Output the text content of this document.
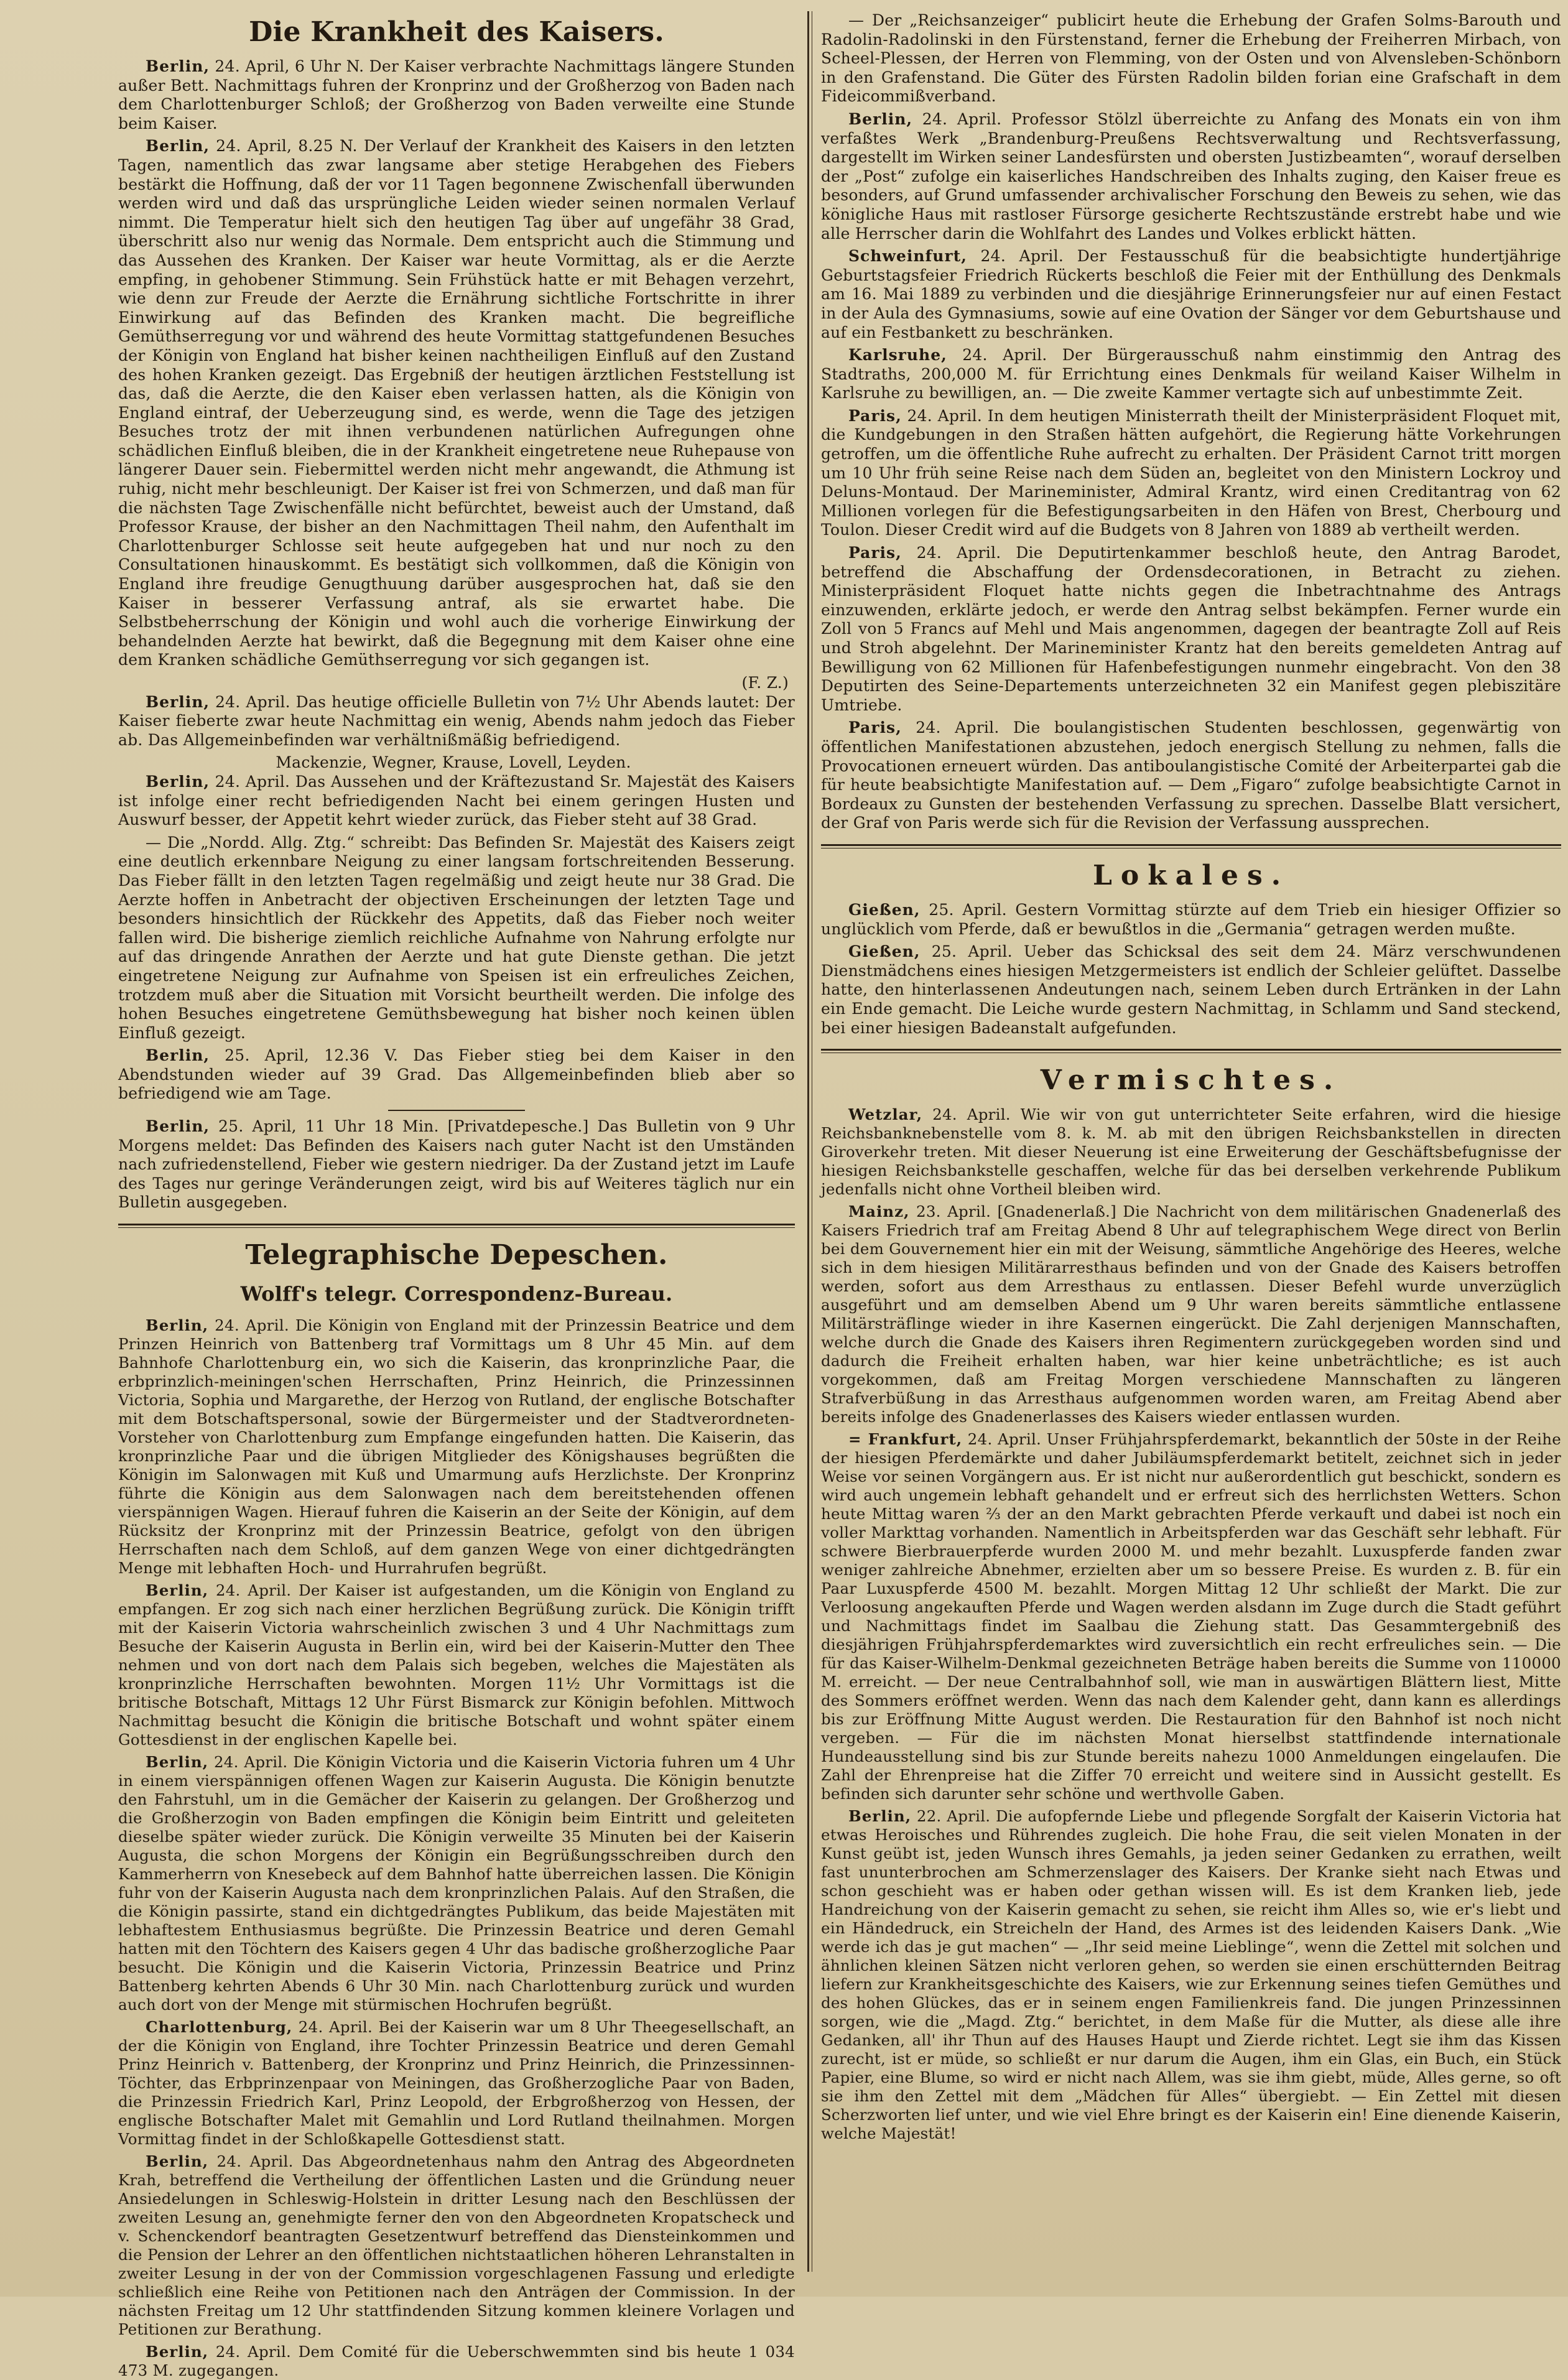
Die Krankheit des Kaisers.

Berlin, 24. April, 6 Uhr N. Der Kaiser verbrachte Nachmittags längere Stunden außer Bett. Nachmittags fuhren der Kronprinz und der Großherzog von Baden nach dem Charlottenburger Schloß; der Großherzog von Baden verweilte eine Stunde beim Kaiser.

Berlin, 24. April, 8.25 N. Der Verlauf der Krankheit des Kaisers in den letzten Tagen, namentlich das zwar langsame aber stetige Herabgehen des Fiebers bestärkt die Hoffnung, daß der vor 11 Tagen begonnene Zwischenfall überwunden werden wird und daß das ursprüngliche Leiden wieder seinen normalen Verlauf nimmt. Die Temperatur hielt sich den heutigen Tag über auf ungefähr 38 Grad, überschritt also nur wenig das Normale. Dem entspricht auch die Stimmung und das Aussehen des Kranken. Der Kaiser war heute Vormittag, als er die Aerzte empfing, in gehobener Stimmung. Sein Frühstück hatte er mit Behagen verzehrt, wie denn zur Freude der Aerzte die Ernährung sichtliche Fortschritte in ihrer Einwirkung auf das Befinden des Kranken macht. Die begreifliche Gemüthserregung vor und während des heute Vormittag stattgefundenen Besuches der Königin von England hat bisher keinen nachtheiligen Einfluß auf den Zustand des hohen Kranken gezeigt. Das Ergebniß der heutigen ärztlichen Feststellung ist das, daß die Aerzte, die den Kaiser eben verlassen hatten, als die Königin von England eintraf, der Ueberzeugung sind, es werde, wenn die Tage des jetzigen Besuches trotz der mit ihnen verbundenen natürlichen Aufregungen ohne schädlichen Einfluß bleiben, die in der Krankheit eingetretene neue Ruhepause von längerer Dauer sein. Fiebermittel werden nicht mehr angewandt, die Athmung ist ruhig, nicht mehr beschleunigt. Der Kaiser ist frei von Schmerzen, und daß man für die nächsten Tage Zwischenfälle nicht befürchtet, beweist auch der Umstand, daß Professor Krause, der bisher an den Nachmittagen Theil nahm, den Aufenthalt im Charlottenburger Schlosse seit heute aufgegeben hat und nur noch zu den Consultationen hinauskommt. Es bestätigt sich vollkommen, daß die Königin von England ihre freudige Genugthuung darüber ausgesprochen hat, daß sie den Kaiser in besserer Verfassung antraf, als sie erwartet habe. Die Selbstbeherrschung der Königin und wohl auch die vorherige Einwirkung der behandelnden Aerzte hat bewirkt, daß die Begegnung mit dem Kaiser ohne eine dem Kranken schädliche Gemüthserregung vor sich gegangen ist.

(F. Z.)

Berlin, 24. April. Das heutige officielle Bulletin von 7½ Uhr Abends lautet: Der Kaiser fieberte zwar heute Nachmittag ein wenig, Abends nahm jedoch das Fieber ab. Das Allgemeinbefinden war verhältnißmäßig befriedigend.

Mackenzie, Wegner, Krause, Lovell, Leyden.

Berlin, 24. April. Das Aussehen und der Kräftezustand Sr. Majestät des Kaisers ist infolge einer recht befriedigenden Nacht bei einem geringen Husten und Auswurf besser, der Appetit kehrt wieder zurück, das Fieber steht auf 38 Grad.

— Die „Nordd. Allg. Ztg.“ schreibt: Das Befinden Sr. Majestät des Kaisers zeigt eine deutlich erkennbare Neigung zu einer langsam fortschreitenden Besserung. Das Fieber fällt in den letzten Tagen regelmäßig und zeigt heute nur 38 Grad. Die Aerzte hoffen in Anbetracht der objectiven Erscheinungen der letzten Tage und besonders hinsichtlich der Rückkehr des Appetits, daß das Fieber noch weiter fallen wird. Die bisherige ziemlich reichliche Aufnahme von Nahrung erfolgte nur auf das dringende Anrathen der Aerzte und hat gute Dienste gethan. Die jetzt eingetretene Neigung zur Aufnahme von Speisen ist ein erfreuliches Zeichen, trotzdem muß aber die Situation mit Vorsicht beurtheilt werden. Die infolge des hohen Besuches eingetretene Gemüthsbewegung hat bisher noch keinen üblen Einfluß gezeigt.

Berlin, 25. April, 12.36 V. Das Fieber stieg bei dem Kaiser in den Abendstunden wieder auf 39 Grad. Das Allgemeinbefinden blieb aber so befriedigend wie am Tage.

Berlin, 25. April, 11 Uhr 18 Min. [Privatdepesche.] Das Bulletin von 9 Uhr Morgens meldet: Das Befinden des Kaisers nach guter Nacht ist den Umständen nach zufriedenstellend, Fieber wie gestern niedriger. Da der Zustand jetzt im Laufe des Tages nur geringe Veränderungen zeigt, wird bis auf Weiteres täglich nur ein Bulletin ausgegeben.

Telegraphische Depeschen.
Wolff's telegr. Correspondenz-Bureau.

Berlin, 24. April. Die Königin von England mit der Prinzessin Beatrice und dem Prinzen Heinrich von Battenberg traf Vormittags um 8 Uhr 45 Min. auf dem Bahnhofe Charlottenburg ein, wo sich die Kaiserin, das kronprinzliche Paar, die erbprinzlich-meiningen'schen Herrschaften, Prinz Heinrich, die Prinzessinnen Victoria, Sophia und Margarethe, der Herzog von Rutland, der englische Botschafter mit dem Botschaftspersonal, sowie der Bürgermeister und der Stadtverordneten-Vorsteher von Charlottenburg zum Empfange eingefunden hatten. Die Kaiserin, das kronprinzliche Paar und die übrigen Mitglieder des Königshauses begrüßten die Königin im Salonwagen mit Kuß und Umarmung aufs Herzlichste. Der Kronprinz führte die Königin aus dem Salonwagen nach dem bereitstehenden offenen vierspännigen Wagen. Hierauf fuhren die Kaiserin an der Seite der Königin, auf dem Rücksitz der Kronprinz mit der Prinzessin Beatrice, gefolgt von den übrigen Herrschaften nach dem Schloß, auf dem ganzen Wege von einer dichtgedrängten Menge mit lebhaften Hoch- und Hurrahrufen begrüßt.

Berlin, 24. April. Der Kaiser ist aufgestanden, um die Königin von England zu empfangen. Er zog sich nach einer herzlichen Begrüßung zurück. Die Königin trifft mit der Kaiserin Victoria wahrscheinlich zwischen 3 und 4 Uhr Nachmittags zum Besuche der Kaiserin Augusta in Berlin ein, wird bei der Kaiserin-Mutter den Thee nehmen und von dort nach dem Palais sich begeben, welches die Majestäten als kronprinzliche Herrschaften bewohnten. Morgen 11½ Uhr Vormittags ist die britische Botschaft, Mittags 12 Uhr Fürst Bismarck zur Königin befohlen. Mittwoch Nachmittag besucht die Königin die britische Botschaft und wohnt später einem Gottesdienst in der englischen Kapelle bei.

Berlin, 24. April. Die Königin Victoria und die Kaiserin Victoria fuhren um 4 Uhr in einem vierspännigen offenen Wagen zur Kaiserin Augusta. Die Königin benutzte den Fahrstuhl, um in die Gemächer der Kaiserin zu gelangen. Der Großherzog und die Großherzogin von Baden empfingen die Königin beim Eintritt und geleiteten dieselbe später wieder zurück. Die Königin verweilte 35 Minuten bei der Kaiserin Augusta, die schon Morgens der Königin ein Begrüßungsschreiben durch den Kammerherrn von Knesebeck auf dem Bahnhof hatte überreichen lassen. Die Königin fuhr von der Kaiserin Augusta nach dem kronprinzlichen Palais. Auf den Straßen, die die Königin passirte, stand ein dichtgedrängtes Publikum, das beide Majestäten mit lebhaftestem Enthusiasmus begrüßte. Die Prinzessin Beatrice und deren Gemahl hatten mit den Töchtern des Kaisers gegen 4 Uhr das badische großherzogliche Paar besucht. Die Königin und die Kaiserin Victoria, Prinzessin Beatrice und Prinz Battenberg kehrten Abends 6 Uhr 30 Min. nach Charlottenburg zurück und wurden auch dort von der Menge mit stürmischen Hochrufen begrüßt.

Charlottenburg, 24. April. Bei der Kaiserin war um 8 Uhr Theegesellschaft, an der die Königin von England, ihre Tochter Prinzessin Beatrice und deren Gemahl Prinz Heinrich v. Battenberg, der Kronprinz und Prinz Heinrich, die Prinzessinnen-Töchter, das Erbprinzenpaar von Meiningen, das Großherzogliche Paar von Baden, die Prinzessin Friedrich Karl, Prinz Leopold, der Erbgroßherzog von Hessen, der englische Botschafter Malet mit Gemahlin und Lord Rutland theilnahmen. Morgen Vormittag findet in der Schloßkapelle Gottesdienst statt.

Berlin, 24. April. Das Abgeordnetenhaus nahm den Antrag des Abgeordneten Krah, betreffend die Vertheilung der öffentlichen Lasten und die Gründung neuer Ansiedelungen in Schleswig-Holstein in dritter Lesung nach den Beschlüssen der zweiten Lesung an, genehmigte ferner den von den Abgeordneten Kropatscheck und v. Schenckendorf beantragten Gesetzentwurf betreffend das Diensteinkommen und die Pension der Lehrer an den öffentlichen nichtstaatlichen höheren Lehranstalten in zweiter Lesung in der von der Commission vorgeschlagenen Fassung und erledigte schließlich eine Reihe von Petitionen nach den Anträgen der Commission. In der nächsten Freitag um 12 Uhr stattfindenden Sitzung kommen kleinere Vorlagen und Petitionen zur Berathung.

Berlin, 24. April. Dem Comité für die Ueberschwemmten sind bis heute 1 034 473 M. zugegangen.

— Der „Reichsanzeiger“ publicirt heute die Erhebung der Grafen Solms-Barouth und Radolin-Radolinski in den Fürstenstand, ferner die Erhebung der Freiherren Mirbach, von Scheel-Plessen, der Herren von Flemming, von der Osten und von Alvensleben-Schönborn in den Grafenstand. Die Güter des Fürsten Radolin bilden forian eine Grafschaft in dem Fideicommißverband.

Berlin, 24. April. Professor Stölzl überreichte zu Anfang des Monats ein von ihm verfaßtes Werk „Brandenburg-Preußens Rechtsverwaltung und Rechtsverfassung, dargestellt im Wirken seiner Landesfürsten und obersten Justizbeamten“, worauf derselben der „Post“ zufolge ein kaiserliches Handschreiben des Inhalts zuging, den Kaiser freue es besonders, auf Grund umfassender archivalischer Forschung den Beweis zu sehen, wie das königliche Haus mit rastloser Fürsorge gesicherte Rechtszustände erstrebt habe und wie alle Herrscher darin die Wohlfahrt des Landes und Volkes erblickt hätten.

Schweinfurt, 24. April. Der Festausschuß für die beabsichtigte hundertjährige Geburtstagsfeier Friedrich Rückerts beschloß die Feier mit der Enthüllung des Denkmals am 16. Mai 1889 zu verbinden und die diesjährige Erinnerungsfeier nur auf einen Festact in der Aula des Gymnasiums, sowie auf eine Ovation der Sänger vor dem Geburtshause und auf ein Festbankett zu beschränken.

Karlsruhe, 24. April. Der Bürgerausschuß nahm einstimmig den Antrag des Stadtraths, 200,000 M. für Errichtung eines Denkmals für weiland Kaiser Wilhelm in Karlsruhe zu bewilligen, an. — Die zweite Kammer vertagte sich auf unbestimmte Zeit.

Paris, 24. April. In dem heutigen Ministerrath theilt der Ministerpräsident Floquet mit, die Kundgebungen in den Straßen hätten aufgehört, die Regierung hätte Vorkehrungen getroffen, um die öffentliche Ruhe aufrecht zu erhalten. Der Präsident Carnot tritt morgen um 10 Uhr früh seine Reise nach dem Süden an, begleitet von den Ministern Lockroy und Deluns-Montaud. Der Marineminister, Admiral Krantz, wird einen Creditantrag von 62 Millionen vorlegen für die Befestigungsarbeiten in den Häfen von Brest, Cherbourg und Toulon. Dieser Credit wird auf die Budgets von 8 Jahren von 1889 ab vertheilt werden.

Paris, 24. April. Die Deputirtenkammer beschloß heute, den Antrag Barodet, betreffend die Abschaffung der Ordensdecorationen, in Betracht zu ziehen. Ministerpräsident Floquet hatte nichts gegen die Inbetrachtnahme des Antrags einzuwenden, erklärte jedoch, er werde den Antrag selbst bekämpfen. Ferner wurde ein Zoll von 5 Francs auf Mehl und Mais angenommen, dagegen der beantragte Zoll auf Reis und Stroh abgelehnt. Der Marineminister Krantz hat den bereits gemeldeten Antrag auf Bewilligung von 62 Millionen für Hafenbefestigungen nunmehr eingebracht. Von den 38 Deputirten des Seine-Departements unterzeichneten 32 ein Manifest gegen plebiszitäre Umtriebe.

Paris, 24. April. Die boulangistischen Studenten beschlossen, gegenwärtig von öffentlichen Manifestationen abzustehen, jedoch energisch Stellung zu nehmen, falls die Provocationen erneuert würden. Das antiboulangistische Comité der Arbeiterpartei gab die für heute beabsichtigte Manifestation auf. — Dem „Figaro“ zufolge beabsichtigte Carnot in Bordeaux zu Gunsten der bestehenden Verfassung zu sprechen. Dasselbe Blatt versichert, der Graf von Paris werde sich für die Revision der Verfassung aussprechen.

Lokales.

Gießen, 25. April. Gestern Vormittag stürzte auf dem Trieb ein hiesiger Offizier so unglücklich vom Pferde, daß er bewußtlos in die „Germania“ getragen werden mußte.

Gießen, 25. April. Ueber das Schicksal des seit dem 24. März verschwundenen Dienstmädchens eines hiesigen Metzgermeisters ist endlich der Schleier gelüftet. Dasselbe hatte, den hinterlassenen Andeutungen nach, seinem Leben durch Ertränken in der Lahn ein Ende gemacht. Die Leiche wurde gestern Nachmittag, in Schlamm und Sand steckend, bei einer hiesigen Badeanstalt aufgefunden.

Vermischtes.

Wetzlar, 24. April. Wie wir von gut unterrichteter Seite erfahren, wird die hiesige Reichsbanknebenstelle vom 8. k. M. ab mit den übrigen Reichsbankstellen in directen Giroverkehr treten. Mit dieser Neuerung ist eine Erweiterung der Geschäftsbefugnisse der hiesigen Reichsbankstelle geschaffen, welche für das bei derselben verkehrende Publikum jedenfalls nicht ohne Vortheil bleiben wird.

Mainz, 23. April. [Gnadenerlaß.] Die Nachricht von dem militärischen Gnadenerlaß des Kaisers Friedrich traf am Freitag Abend 8 Uhr auf telegraphischem Wege direct von Berlin bei dem Gouvernement hier ein mit der Weisung, sämmtliche Angehörige des Heeres, welche sich in dem hiesigen Militärarresthaus befinden und von der Gnade des Kaisers betroffen werden, sofort aus dem Arresthaus zu entlassen. Dieser Befehl wurde unverzüglich ausgeführt und am demselben Abend um 9 Uhr waren bereits sämmtliche entlassene Militärsträflinge wieder in ihre Kasernen eingerückt. Die Zahl derjenigen Mannschaften, welche durch die Gnade des Kaisers ihren Regimentern zurückgegeben worden sind und dadurch die Freiheit erhalten haben, war hier keine unbeträchtliche; es ist auch vorgekommen, daß am Freitag Morgen verschiedene Mannschaften zu längeren Strafverbüßung in das Arresthaus aufgenommen worden waren, am Freitag Abend aber bereits infolge des Gnadenerlasses des Kaisers wieder entlassen wurden.

= Frankfurt, 24. April. Unser Frühjahrspferdemarkt, bekanntlich der 50ste in der Reihe der hiesigen Pferdemärkte und daher Jubiläumspferdemarkt betitelt, zeichnet sich in jeder Weise vor seinen Vorgängern aus. Er ist nicht nur außerordentlich gut beschickt, sondern es wird auch ungemein lebhaft gehandelt und er erfreut sich des herrlichsten Wetters. Schon heute Mittag waren ⅔ der an den Markt gebrachten Pferde verkauft und dabei ist noch ein voller Markttag vorhanden. Namentlich in Arbeitspferden war das Geschäft sehr lebhaft. Für schwere Bierbrauerpferde wurden 2000 M. und mehr bezahlt. Luxuspferde fanden zwar weniger zahlreiche Abnehmer, erzielten aber um so bessere Preise. Es wurden z. B. für ein Paar Luxuspferde 4500 M. bezahlt. Morgen Mittag 12 Uhr schließt der Markt. Die zur Verloosung angekauften Pferde und Wagen werden alsdann im Zuge durch die Stadt geführt und Nachmittags findet im Saalbau die Ziehung statt. Das Gesammtergebniß des diesjährigen Frühjahrspferdemarktes wird zuversichtlich ein recht erfreuliches sein. — Die für das Kaiser-Wilhelm-Denkmal gezeichneten Beträge haben bereits die Summe von 110000 M. erreicht. — Der neue Centralbahnhof soll, wie man in auswärtigen Blättern liest, Mitte des Sommers eröffnet werden. Wenn das nach dem Kalender geht, dann kann es allerdings bis zur Eröffnung Mitte August werden. Die Restauration für den Bahnhof ist noch nicht vergeben. — Für die im nächsten Monat hierselbst stattfindende internationale Hundeausstellung sind bis zur Stunde bereits nahezu 1000 Anmeldungen eingelaufen. Die Zahl der Ehrenpreise hat die Ziffer 70 erreicht und weitere sind in Aussicht gestellt. Es befinden sich darunter sehr schöne und werthvolle Gaben.

Berlin, 22. April. Die aufopfernde Liebe und pflegende Sorgfalt der Kaiserin Victoria hat etwas Heroisches und Rührendes zugleich. Die hohe Frau, die seit vielen Monaten in der Kunst geübt ist, jeden Wunsch ihres Gemahls, ja jeden seiner Gedanken zu errathen, weilt fast ununterbrochen am Schmerzenslager des Kaisers. Der Kranke sieht nach Etwas und schon geschieht was er haben oder gethan wissen will. Es ist dem Kranken lieb, jede Handreichung von der Kaiserin gemacht zu sehen, sie reicht ihm Alles so, wie er's liebt und ein Händedruck, ein Streicheln der Hand, des Armes ist des leidenden Kaisers Dank. „Wie werde ich das je gut machen“ — „Ihr seid meine Lieblinge“, wenn die Zettel mit solchen und ähnlichen kleinen Sätzen nicht verloren gehen, so werden sie einen erschütternden Beitrag liefern zur Krankheitsgeschichte des Kaisers, wie zur Erkennung seines tiefen Gemüthes und des hohen Glückes, das er in seinem engen Familienkreis fand. Die jungen Prinzessinnen sorgen, wie die „Magd. Ztg.“ berichtet, in dem Maße für die Mutter, als diese alle ihre Gedanken, all' ihr Thun auf des Hauses Haupt und Zierde richtet. Legt sie ihm das Kissen zurecht, ist er müde, so schließt er nur darum die Augen, ihm ein Glas, ein Buch, ein Stück Papier, eine Blume, so wird er nicht nach Allem, was sie ihm giebt, müde, Alles gerne, so oft sie ihm den Zettel mit dem „Mädchen für Alles“ übergiebt. — Ein Zettel mit diesen Scherzworten lief unter, und wie viel Ehre bringt es der Kaiserin ein! Eine dienende Kaiserin, welche Majestät!
